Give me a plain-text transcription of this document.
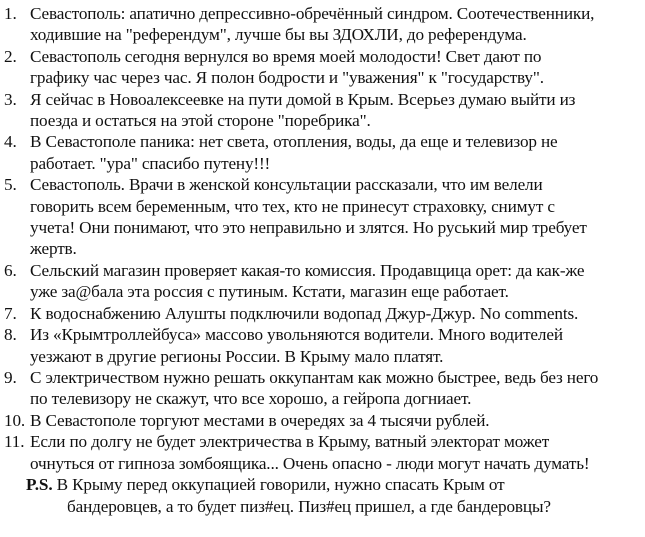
1. Севастополь: апатично депрессивно-обречённый синдром. Соотечественники,
ходившие на "референдум", лучше бы вы ЗДОХЛИ, до референдума.
2. Севастополь сегодня вернулся во время моей молодости! Свет дают по
графику час через час. Я полон бодрости и "уважения" к "государству".
3. Я сейчас в Новоалексеевке на пути домой в Крым. Всерьез думаю выйти из
поезда и остаться на этой стороне "поребрика".
4. В Севастополе паника: нет света, отопления, воды, да еще и телевизор не
работает. "ура" спасибо путену!!!
5. Севастополь. Врачи в женской консультации рассказали, что им велели
говорить всем беременным, что тех, кто не принесут страховку, снимут с
учета! Они понимают, что это неправильно и злятся. Но руський мир требует
жертв.
6. Сельский магазин проверяет какая-то комиссия. Продавщица орет: да как-же
уже за@бала эта россия с путиным. Кстати, магазин еще работает.
7. К водоснабжению Алушты подключили водопад Джур-Джур. No comments.
8. Из «Крымтроллейбуса» массово увольняются водители. Много водителей
уезжают в другие регионы России. В Крыму мало платят.
9. С электричеством нужно решать оккупантам как можно быстрее, ведь без него
по телевизору не скажут, что все хорошо, а гейропа догниает.
10. В Севастополе торгуют местами в очередях за 4 тысячи рублей.
11. Если по долгу не будет электричества в Крыму, ватный электорат может
очнуться от гипноза зомбоящика... Очень опасно - люди могут начать думать!
P.S. В Крыму перед оккупацией говорили, нужно спасать Крым от
бандеровцев, а то будет пиз#ец. Пиз#ец пришел, а где бандеровцы?
